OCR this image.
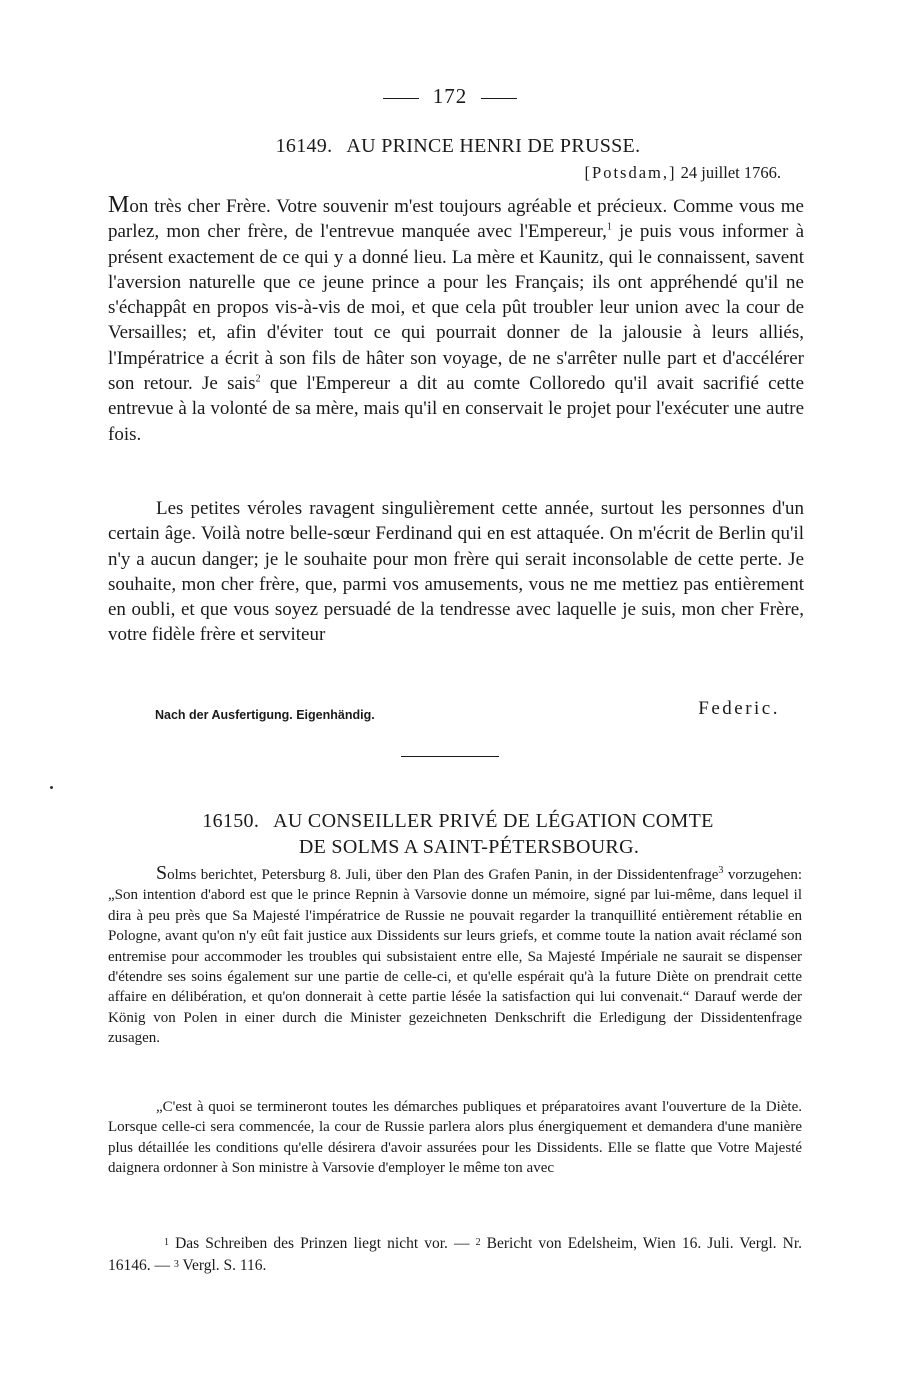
172
16149. AU PRINCE HENRI DE PRUSSE.
[Potsdam,] 24 juillet 1766.

Mon très cher Frère. Votre souvenir m'est toujours agréable et précieux. Comme vous me parlez, mon cher frère, de l'entrevue manquée avec l'Empereur,$^1$ je puis vous informer à présent exactement de ce qui y a donné lieu. La mère et Kaunitz, qui le connaissent, savent l'aversion naturelle que ce jeune prince a pour les Français; ils ont appréhendé qu'il ne s'échappât en propos vis-à-vis de moi, et que cela pût troubler leur union avec la cour de Versailles; et, afin d'éviter tout ce qui pourrait donner de la jalousie à leurs alliés, l'Impératrice a écrit à son fils de hâter son voyage, de ne s'arrêter nulle part et d'accélérer son retour. Je sais$^2$ que l'Empereur a dit au comte Colloredo qu'il avait sacrifié cette entrevue à la volonté de sa mère, mais qu'il en conservait le projet pour l'exécuter une autre fois.

Les petites véroles ravagent singulièrement cette année, surtout les personnes d'un certain âge. Voilà notre belle-sœur Ferdinand qui en est attaquée. On m'écrit de Berlin qu'il n'y a aucun danger; je le souhaite pour mon frère qui serait inconsolable de cette perte. Je souhaite, mon cher frère, que, parmi vos amusements, vous ne me mettiez pas entièrement en oubli, et que vous soyez persuadé de la tendresse avec laquelle je suis, mon cher Frère, votre fidèle frère et serviteur

Nach der Ausfertigung. Eigenhändig.	Federic.
16150. AU CONSEILLER PRIVÉ DE LÉGATION COMTE
DE SOLMS A SAINT-PÉTERSBOURG.

Solms berichtet, Petersburg 8. Juli, über den Plan des Grafen Panin, in der Dissidentenfrage$^3$ vorzugehen: „Son intention d'abord est que le prince Repnin à Varsovie donne un mémoire, signé par lui-même, dans lequel il dira à peu près que Sa Majesté l'impératrice de Russie ne pouvait regarder la tranquillité entièrement rétablie en Pologne, avant qu'on n'y eût fait justice aux Dissidents sur leurs griefs, et comme toute la nation avait réclamé son entremise pour accommoder les troubles qui subsistaient entre elle, Sa Majesté Impériale ne saurait se dispenser d'étendre ses soins également sur une partie de celle-ci, et qu'elle espérait qu'à la future Diète on prendrait cette affaire en délibération, et qu'on donnerait à cette partie lésée la satisfaction qui lui convenait.“ Darauf werde der König von Polen in einer durch die Minister gezeichneten Denkschrift die Erledigung der Dissidentenfrage zusagen.

„C'est à quoi se termineront toutes les démarches publiques et préparatoires avant l'ouverture de la Diète. Lorsque celle-ci sera commencée, la cour de Russie parlera alors plus énergiquement et demandera d'une manière plus détaillée les conditions qu'elle désirera d'avoir assurées pour les Dissidents. Elle se flatte que Votre Majesté daignera ordonner à Son ministre à Varsovie d'employer le même ton avec

1 Das Schreiben des Prinzen liegt nicht vor. — 2 Bericht von Edelsheim, Wien 16. Juli. Vergl. Nr. 16146. — 3 Vergl. S. 116.
